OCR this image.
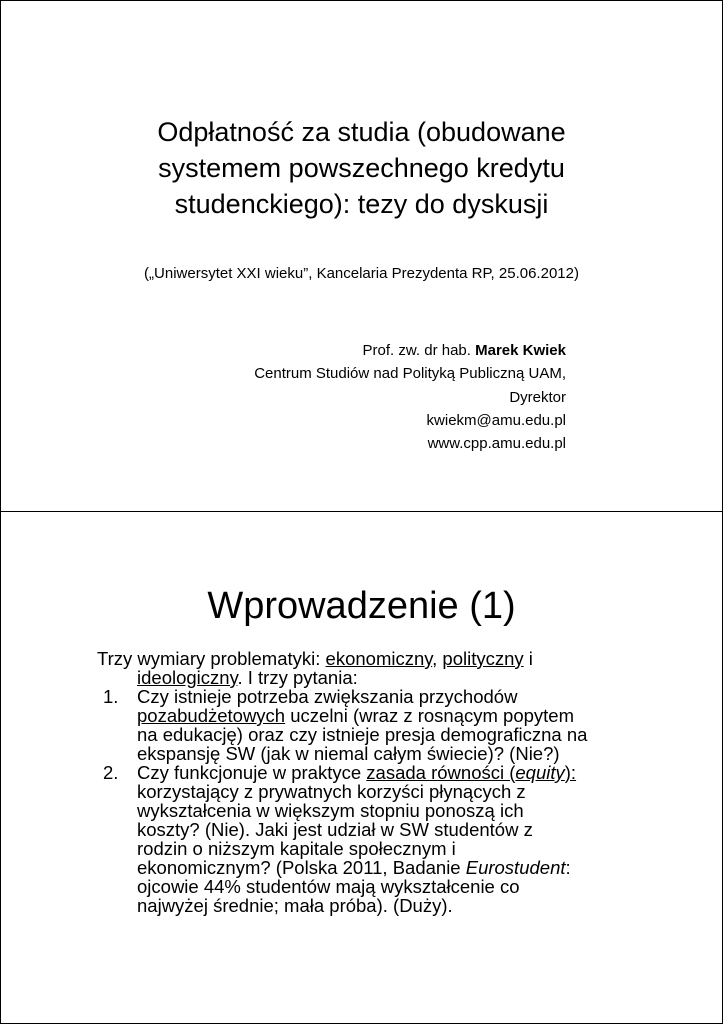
Odpłatność za studia (obudowane
systemem powszechnego kredytu
studenckiego): tezy do dyskusji
(„Uniwersytet XXI wieku”, Kancelaria Prezydenta RP, 25.06.2012)
Prof. zw. dr hab. Marek Kwiek
Centrum Studiów nad Polityką Publiczną UAM,
Dyrektor
kwiekm@amu.edu.pl
www.cpp.amu.edu.pl
Wprowadzenie (1)
Trzy wymiary problematyki: ekonomiczny, polityczny i
ideologiczny. I trzy pytania:
1. Czy istnieje potrzeba zwiększania przychodów
pozabudżetowych uczelni (wraz z rosnącym popytem
na edukację) oraz czy istnieje presja demograficzna na
ekspansję SW (jak w niemal całym świecie)? (Nie?)
2. Czy funkcjonuje w praktyce zasada równości (equity):
korzystający z prywatnych korzyści płynących z
wykształcenia w większym stopniu ponoszą ich
koszty? (Nie). Jaki jest udział w SW studentów z
rodzin o niższym kapitale społecznym i
ekonomicznym? (Polska 2011, Badanie Eurostudent:
ojcowie 44% studentów mają wykształcenie co
najwyżej średnie; mała próba). (Duży).
